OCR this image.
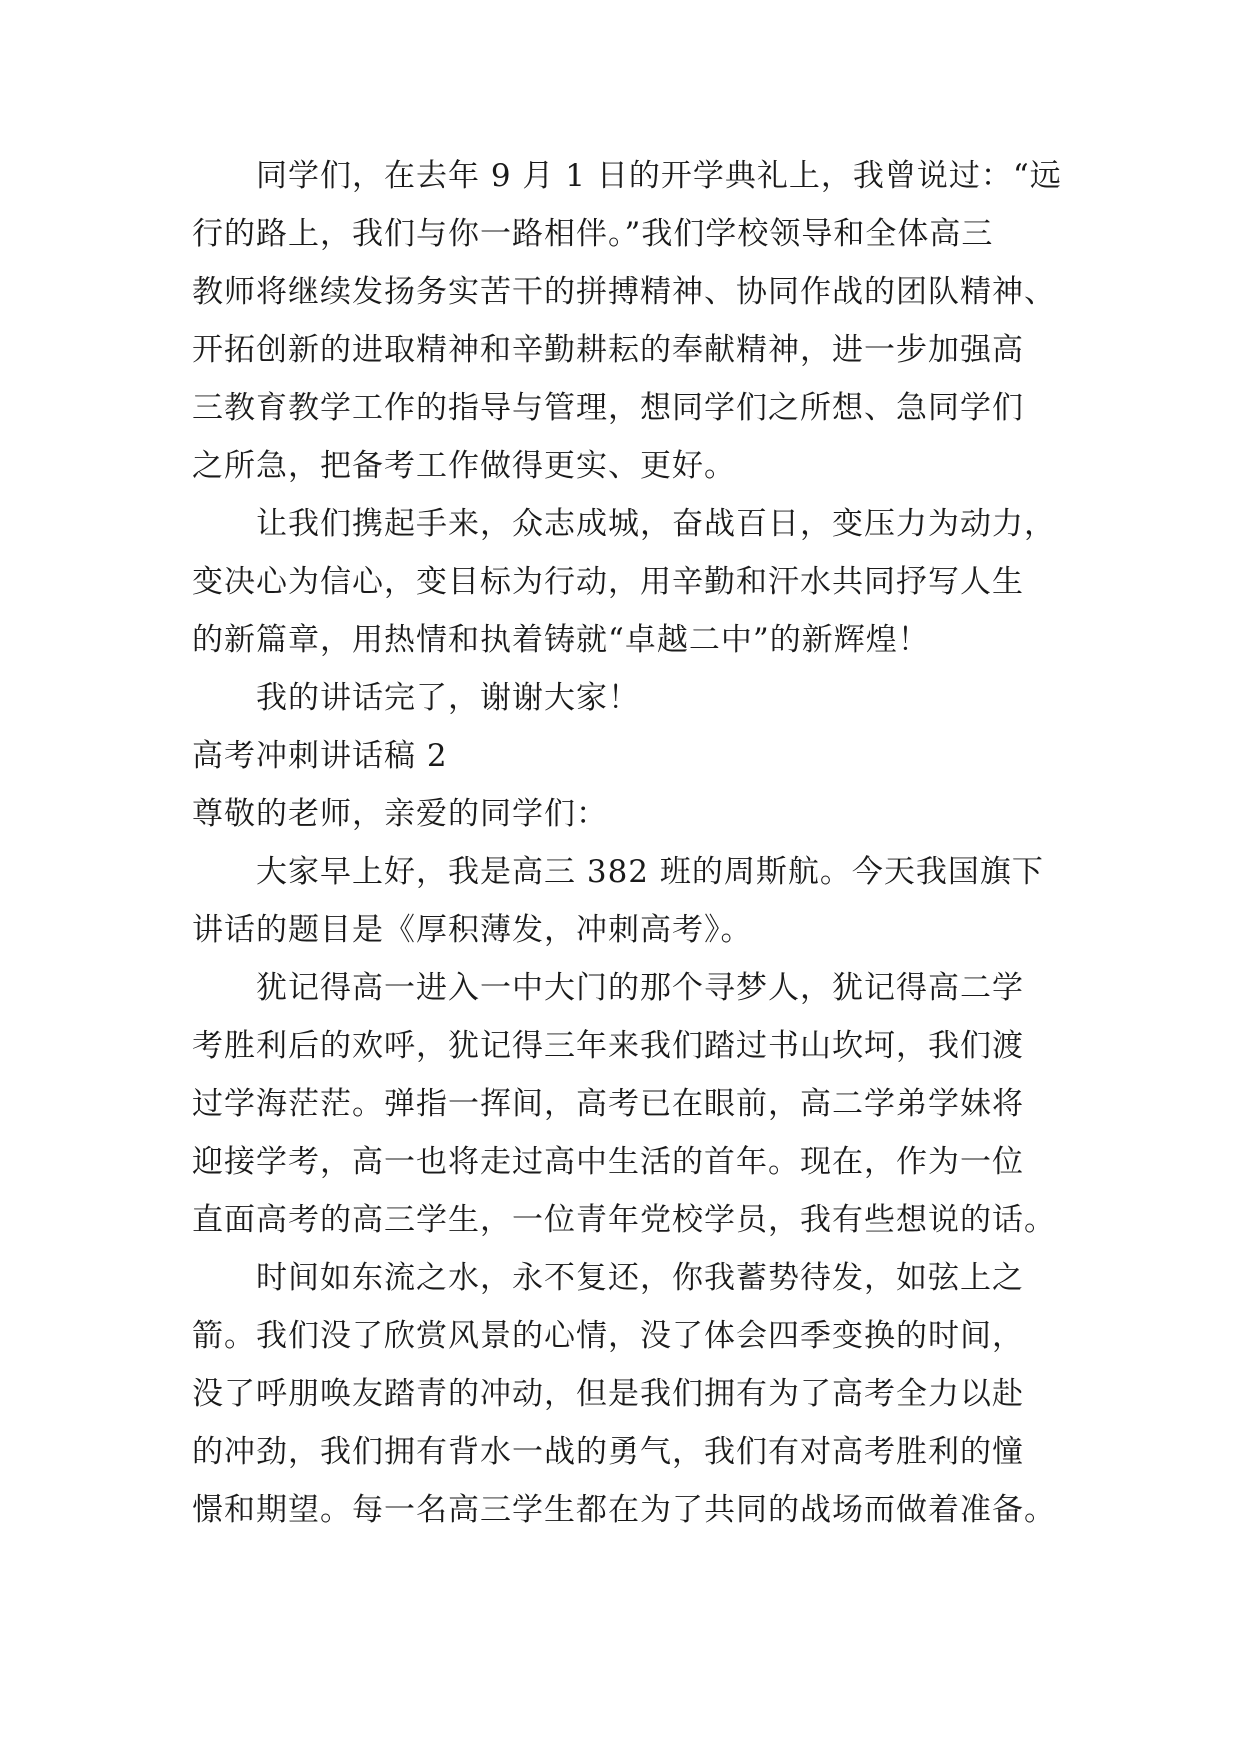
同学们，在去年 9 月 1 日的开学典礼上，我曾说过：“远
行的路上，我们与你一路相伴。”我们学校领导和全体高三
教师将继续发扬务实苦干的拼搏精神、协同作战的团队精神、
开拓创新的进取精神和辛勤耕耘的奉献精神，进一步加强高
三教育教学工作的指导与管理，想同学们之所想、急同学们
之所急，把备考工作做得更实、更好。
让我们携起手来，众志成城，奋战百日，变压力为动力，
变决心为信心，变目标为行动，用辛勤和汗水共同抒写人生
的新篇章，用热情和执着铸就“卓越二中”的新辉煌！
我的讲话完了，谢谢大家！
高考冲刺讲话稿 2
尊敬的老师，亲爱的同学们：
大家早上好，我是高三 382 班的周斯航。今天我国旗下
讲话的题目是《厚积薄发，冲刺高考》。
犹记得高一进入一中大门的那个寻梦人，犹记得高二学
考胜利后的欢呼，犹记得三年来我们踏过书山坎坷，我们渡
过学海茫茫。弹指一挥间，高考已在眼前，高二学弟学妹将
迎接学考，高一也将走过高中生活的首年。现在，作为一位
直面高考的高三学生，一位青年党校学员，我有些想说的话。
时间如东流之水，永不复还，你我蓄势待发，如弦上之
箭。我们没了欣赏风景的心情，没了体会四季变换的时间，
没了呼朋唤友踏青的冲动，但是我们拥有为了高考全力以赴
的冲劲，我们拥有背水一战的勇气，我们有对高考胜利的憧
憬和期望。每一名高三学生都在为了共同的战场而做着准备。
